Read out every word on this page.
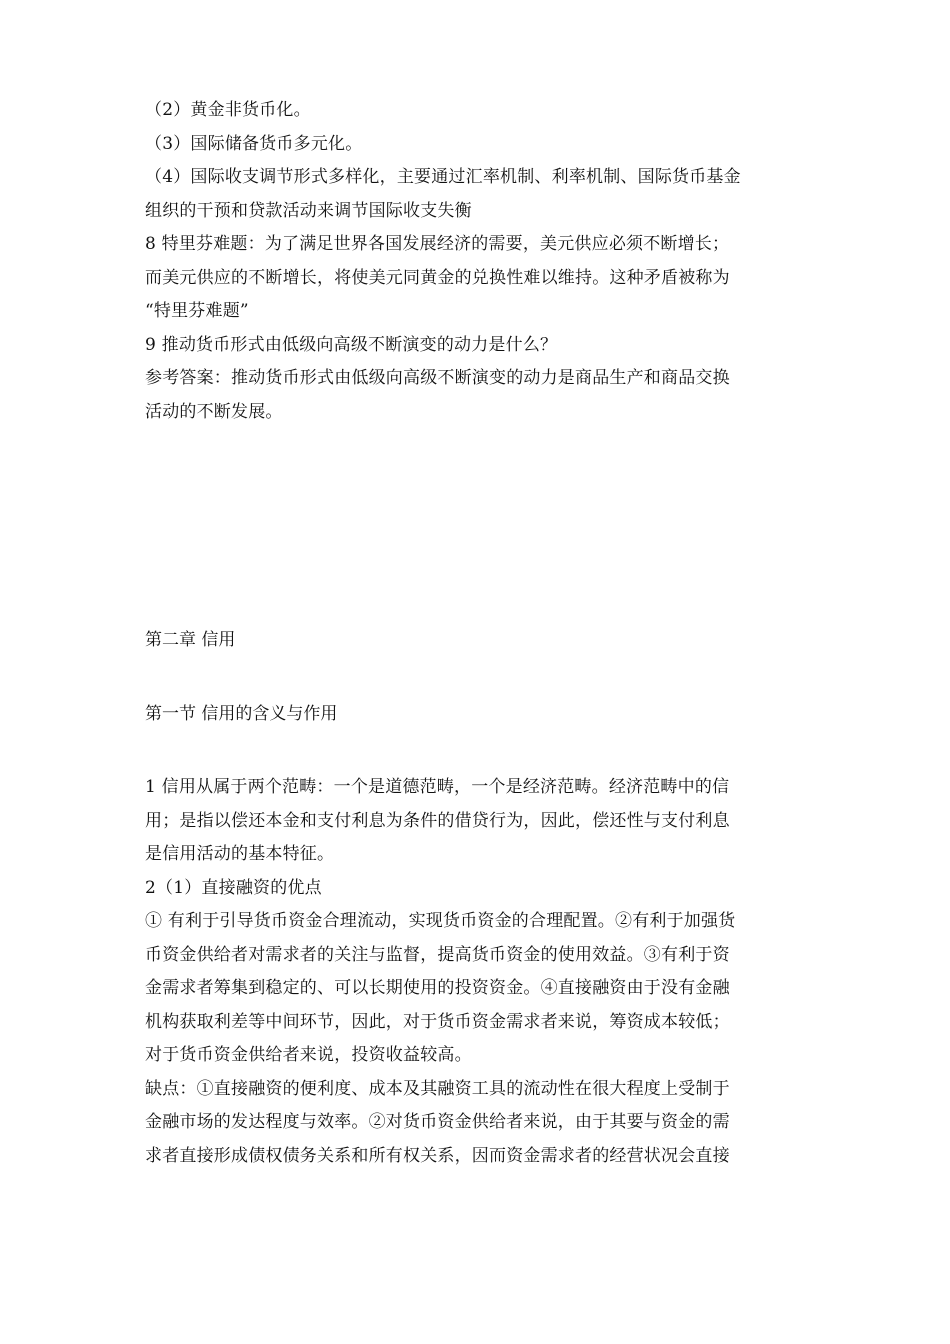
（2）黄金非货币化。
（3）国际储备货币多元化。
（4）国际收支调节形式多样化，主要通过汇率机制、利率机制、国际货币基金
组织的干预和贷款活动来调节国际收支失衡
8 特里芬难题：为了满足世界各国发展经济的需要，美元供应必须不断增长；
而美元供应的不断增长，将使美元同黄金的兑换性难以维持。这种矛盾被称为
“特里芬难题”
9 推动货币形式由低级向高级不断演变的动力是什么？
参考答案：推动货币形式由低级向高级不断演变的动力是商品生产和商品交换
活动的不断发展。
第二章 信用
第一节 信用的含义与作用
1 信用从属于两个范畴：一个是道德范畴，一个是经济范畴。经济范畴中的信
用；是指以偿还本金和支付利息为条件的借贷行为，因此，偿还性与支付利息
是信用活动的基本特征。
2（1）直接融资的优点
① 有利于引导货币资金合理流动，实现货币资金的合理配置。②有利于加强货
币资金供给者对需求者的关注与监督，提高货币资金的使用效益。③有利于资
金需求者筹集到稳定的、可以长期使用的投资资金。④直接融资由于没有金融
机构获取利差等中间环节，因此，对于货币资金需求者来说，筹资成本较低；
对于货币资金供给者来说，投资收益较高。
缺点：①直接融资的便利度、成本及其融资工具的流动性在很大程度上受制于
金融市场的发达程度与效率。②对货币资金供给者来说，由于其要与资金的需
求者直接形成债权债务关系和所有权关系，因而资金需求者的经营状况会直接
